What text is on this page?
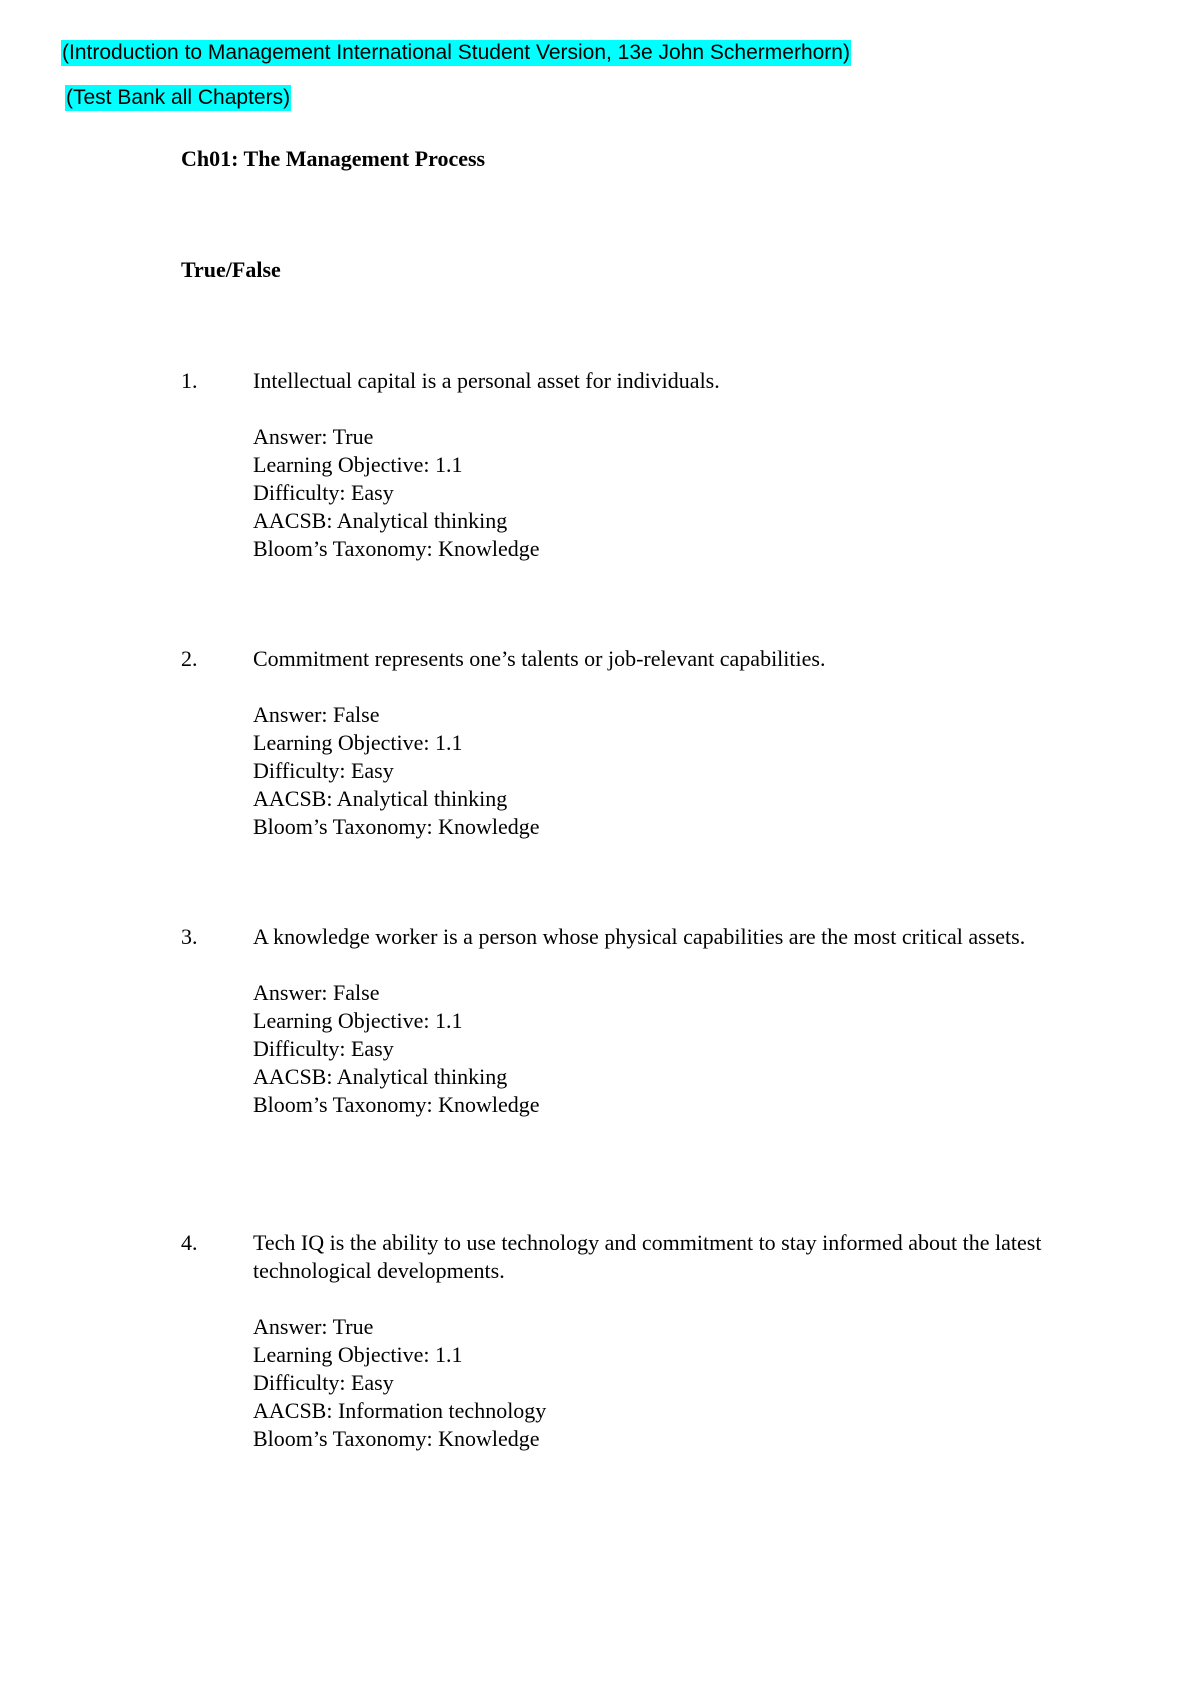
(Introduction to Management International Student Version, 13e John Schermerhorn)
(Test Bank all Chapters)
Ch01: The Management Process
True/False
1.	Intellectual capital is a personal asset for individuals.

Answer: True
Learning Objective: 1.1
Difficulty: Easy
AACSB: Analytical thinking
Bloom’s Taxonomy: Knowledge
2.	Commitment represents one’s talents or job-relevant capabilities.

Answer: False
Learning Objective: 1.1
Difficulty: Easy
AACSB: Analytical thinking
Bloom’s Taxonomy: Knowledge
3.	A knowledge worker is a person whose physical capabilities are the most critical assets.

Answer: False
Learning Objective: 1.1
Difficulty: Easy
AACSB: Analytical thinking
Bloom’s Taxonomy: Knowledge
4.	Tech IQ is the ability to use technology and commitment to stay informed about the latest technological developments.

Answer: True
Learning Objective: 1.1
Difficulty: Easy
AACSB: Information technology
Bloom’s Taxonomy: Knowledge
